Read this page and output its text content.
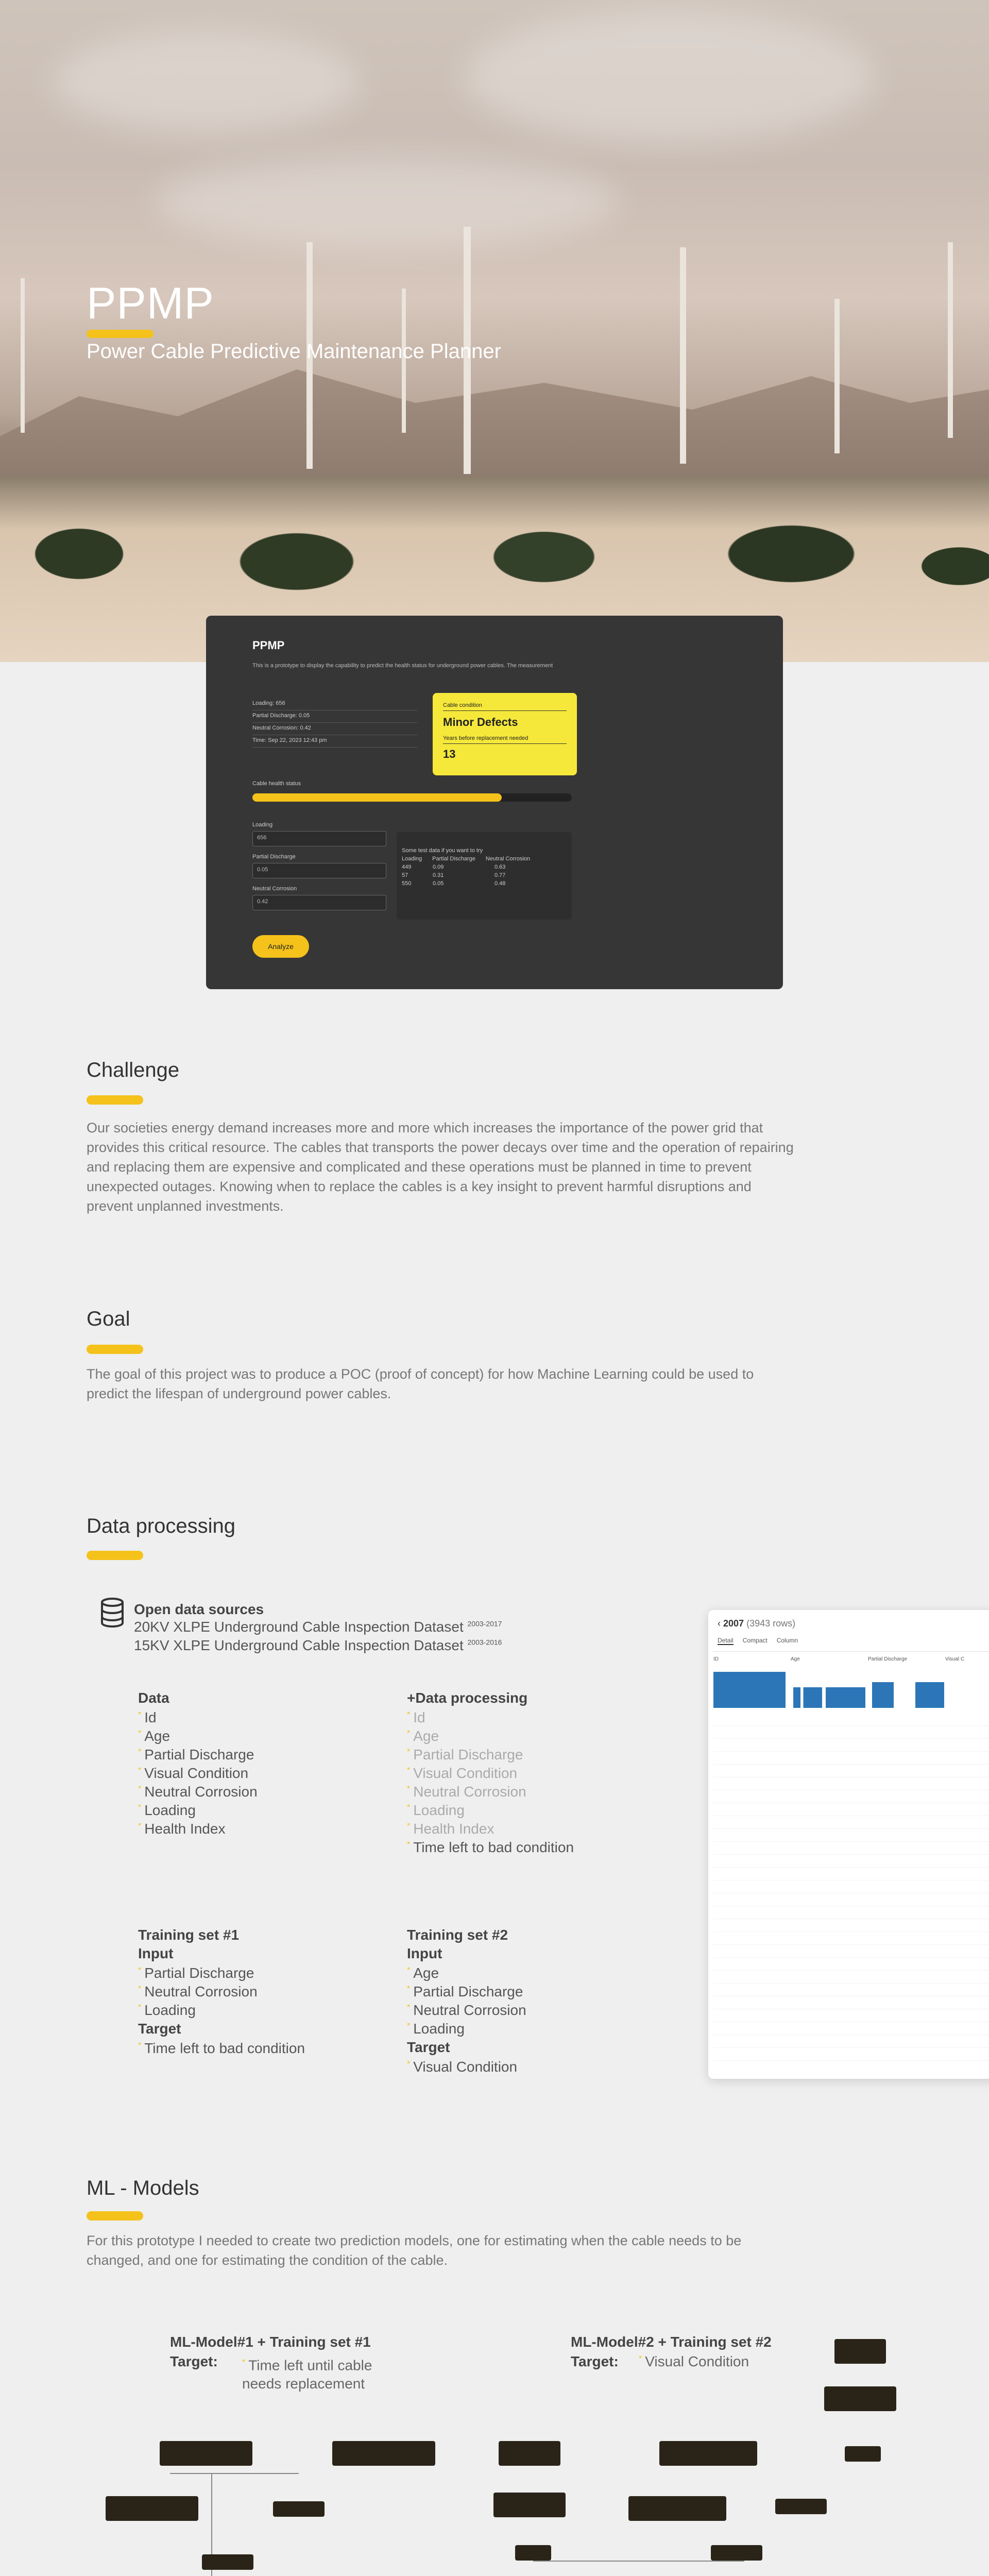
PPMP
Power Cable Predictive Maintenance Planner
PPMP
This is a prototype to display the capability to predict the health status for underground power cables. The measurement
Loading: 656
Partial Discharge: 0.05
Neutral Corrosion: 0.42
Time: Sep 22, 2023 12:43 pm
Cable condition
Minor Defects
Years before replacement needed
13
Cable health status
Loading
656
Partial Discharge
0.05
Neutral Corrosion
0.42
Some test data if you want to try
Loading Partial Discharge Neutral Corrosion
449	0.09	0.63
57	0.31	0.77
550	0.05	0.48
Analyze
Challenge
Our societies energy demand increases more and more which increases the importance of the power grid that provides this critical resource. The cables that transports the power decays over time and the operation of repairing and replacing them are expensive and complicated and these operations must be planned in time to prevent unexpected outages. Knowing when to replace the cables is a key insight to prevent harmful disruptions and prevent unplanned investments.
Goal
The goal of this project was to produce a POC (proof of concept) for how Machine Learning could be used to predict the lifespan of underground power cables.
Data processing
Open data sources
20KV XLPE Underground Cable Inspection Dataset $^{2003-2017}$
15KV XLPE Underground Cable Inspection Dataset $^{2003-2016}$
Data
* Id
* Age
* Partial Discharge
* Visual Condition
* Neutral Corrosion
* Loading
* Health Index
+Data processing
* Id
* Age
* Partial Discharge
* Visual Condition
* Neutral Corrosion
* Loading
* Health Index
* Time left to bad condition
Training set #1
Input
* Partial Discharge
* Neutral Corrosion
* Loading
Target
* Time left to bad condition
Training set #2
Input
* Age
* Partial Discharge
* Neutral Corrosion
* Loading
Target
* Visual Condition
‹ 2007 (3943 rows)
Detail Compact Column
ID	Age	Partial Discharge	Visual C
ML - Models
For this prototype I needed to create two prediction models, one for estimating when the cable needs to be changed, and one for estimating the condition of the cable.
ML-Model#1 + Training set #1
Target:	* Time left until cable needs replacement
ML-Model#2 + Training set #2
Target: * Visual Condition
